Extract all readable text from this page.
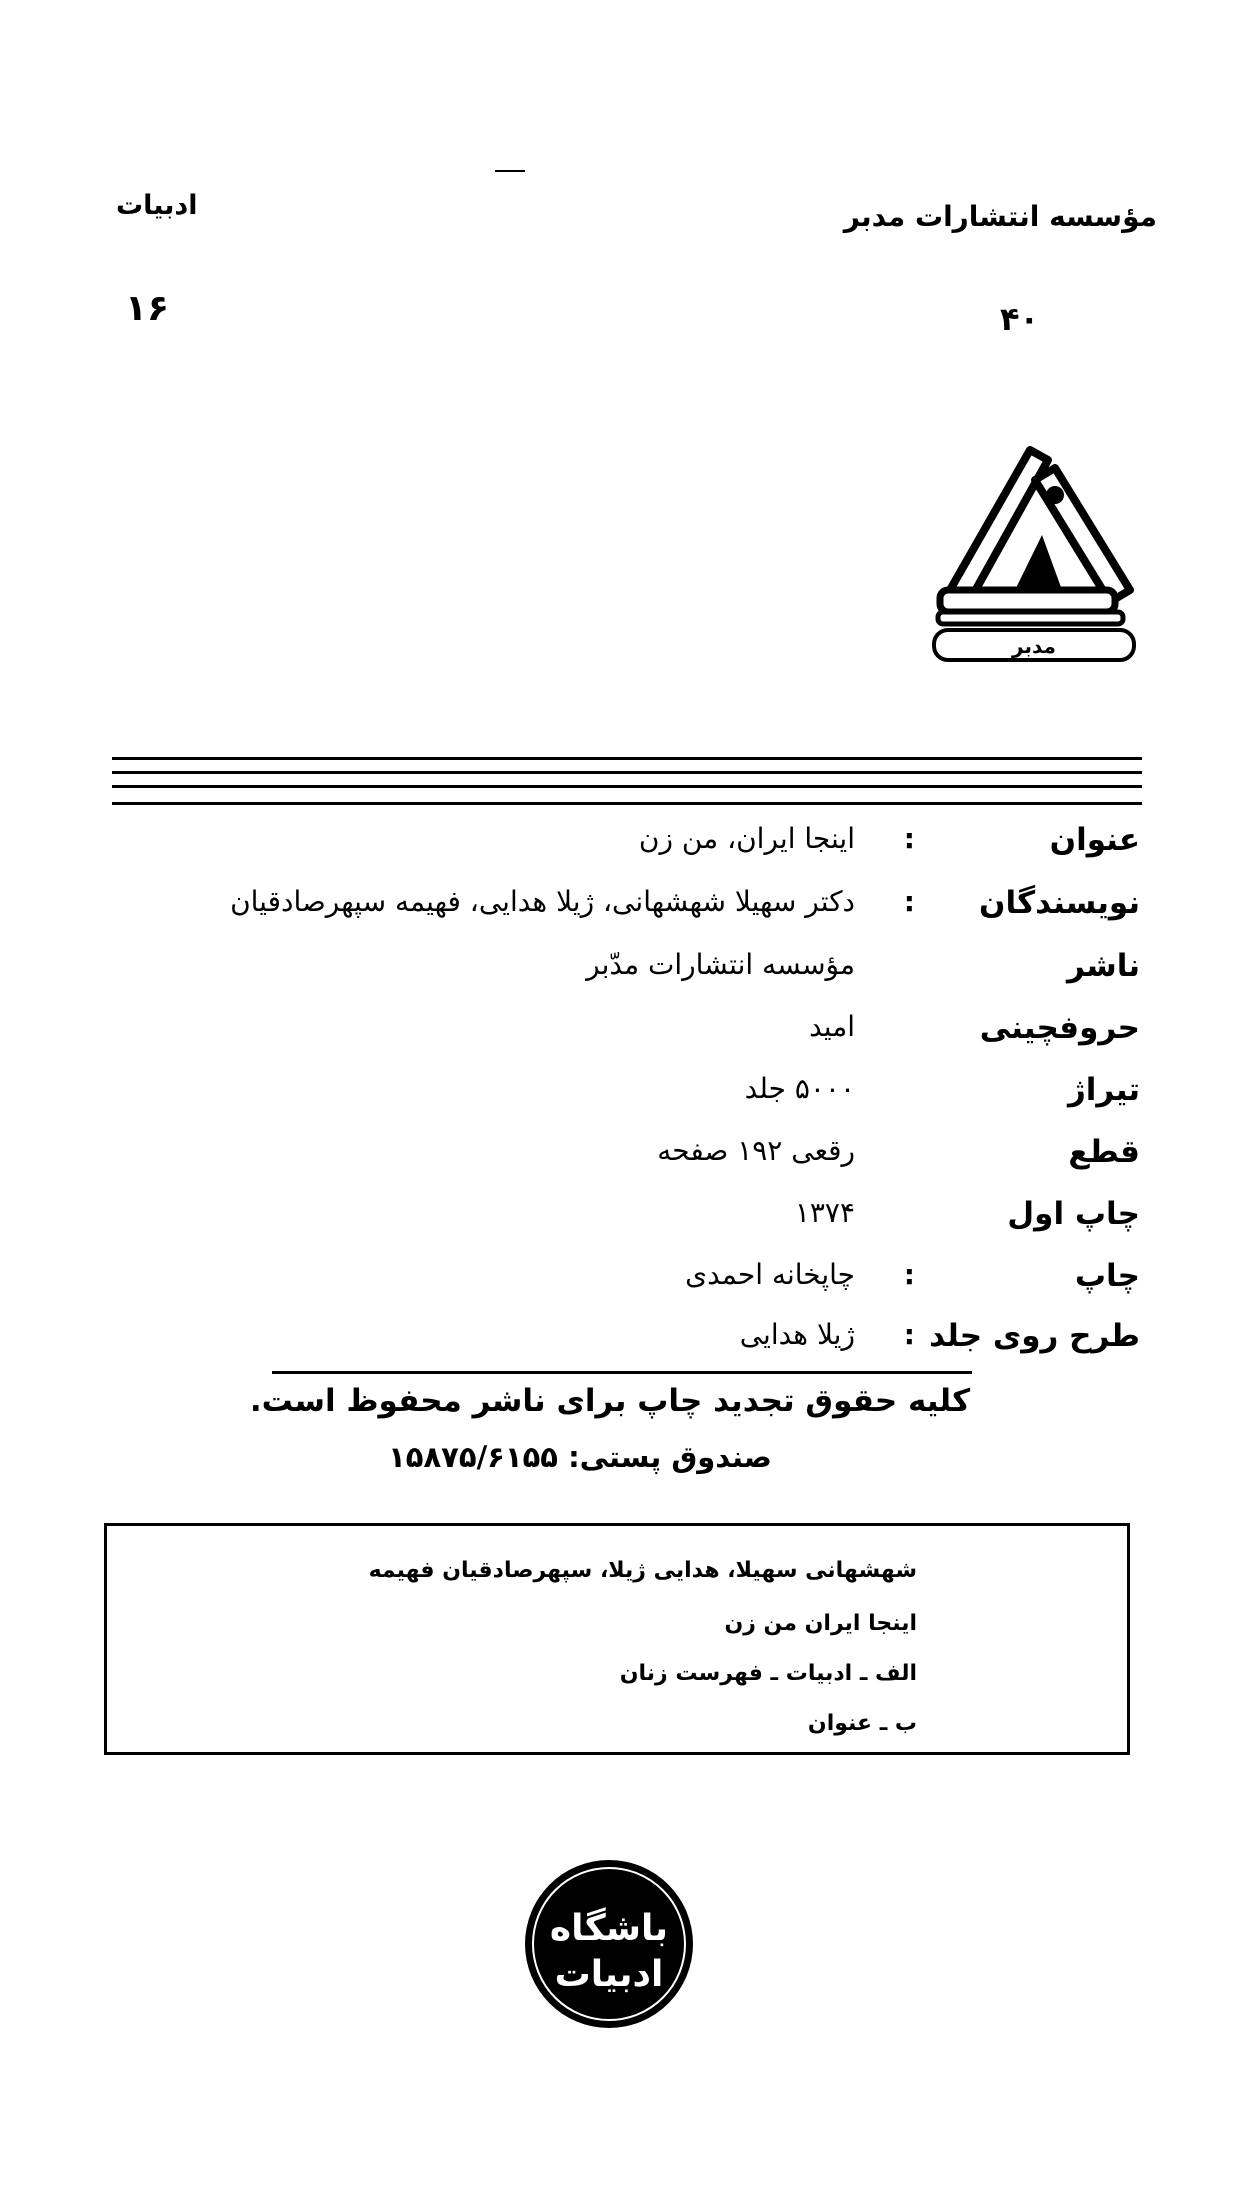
ادبیات	مؤسسه انتشارات مدبر
۱۶	۴۰
مدبر
عنوان
:
اینجا ایران، من زن
نویسندگان
:
دکتر سهیلا شهشهانی، ژیلا هدایی، فهیمه سپهرصادقیان
ناشر
مؤسسه انتشارات مدّبر
حروفچینی
امید
تیراژ
۵۰۰۰ جلد
قطع
رقعی ۱۹۲ صفحه
چاپ اول
۱۳۷۴
چاپ
:
چاپخانه احمدی
طرح روی جلد
:
ژیلا هدایی
کلیه حقوق تجدید چاپ برای ناشر محفوظ است.
صندوق پستی: ۱۵۸۷۵/۶۱۵۵
شهشهانی سهیلا، هدایی ژیلا، سپهرصادقیان فهیمه
اینجا ایران من زن
الف ـ ادبیات ـ فهرست زنان
ب ـ عنوان
باشگاه
ادبیات
